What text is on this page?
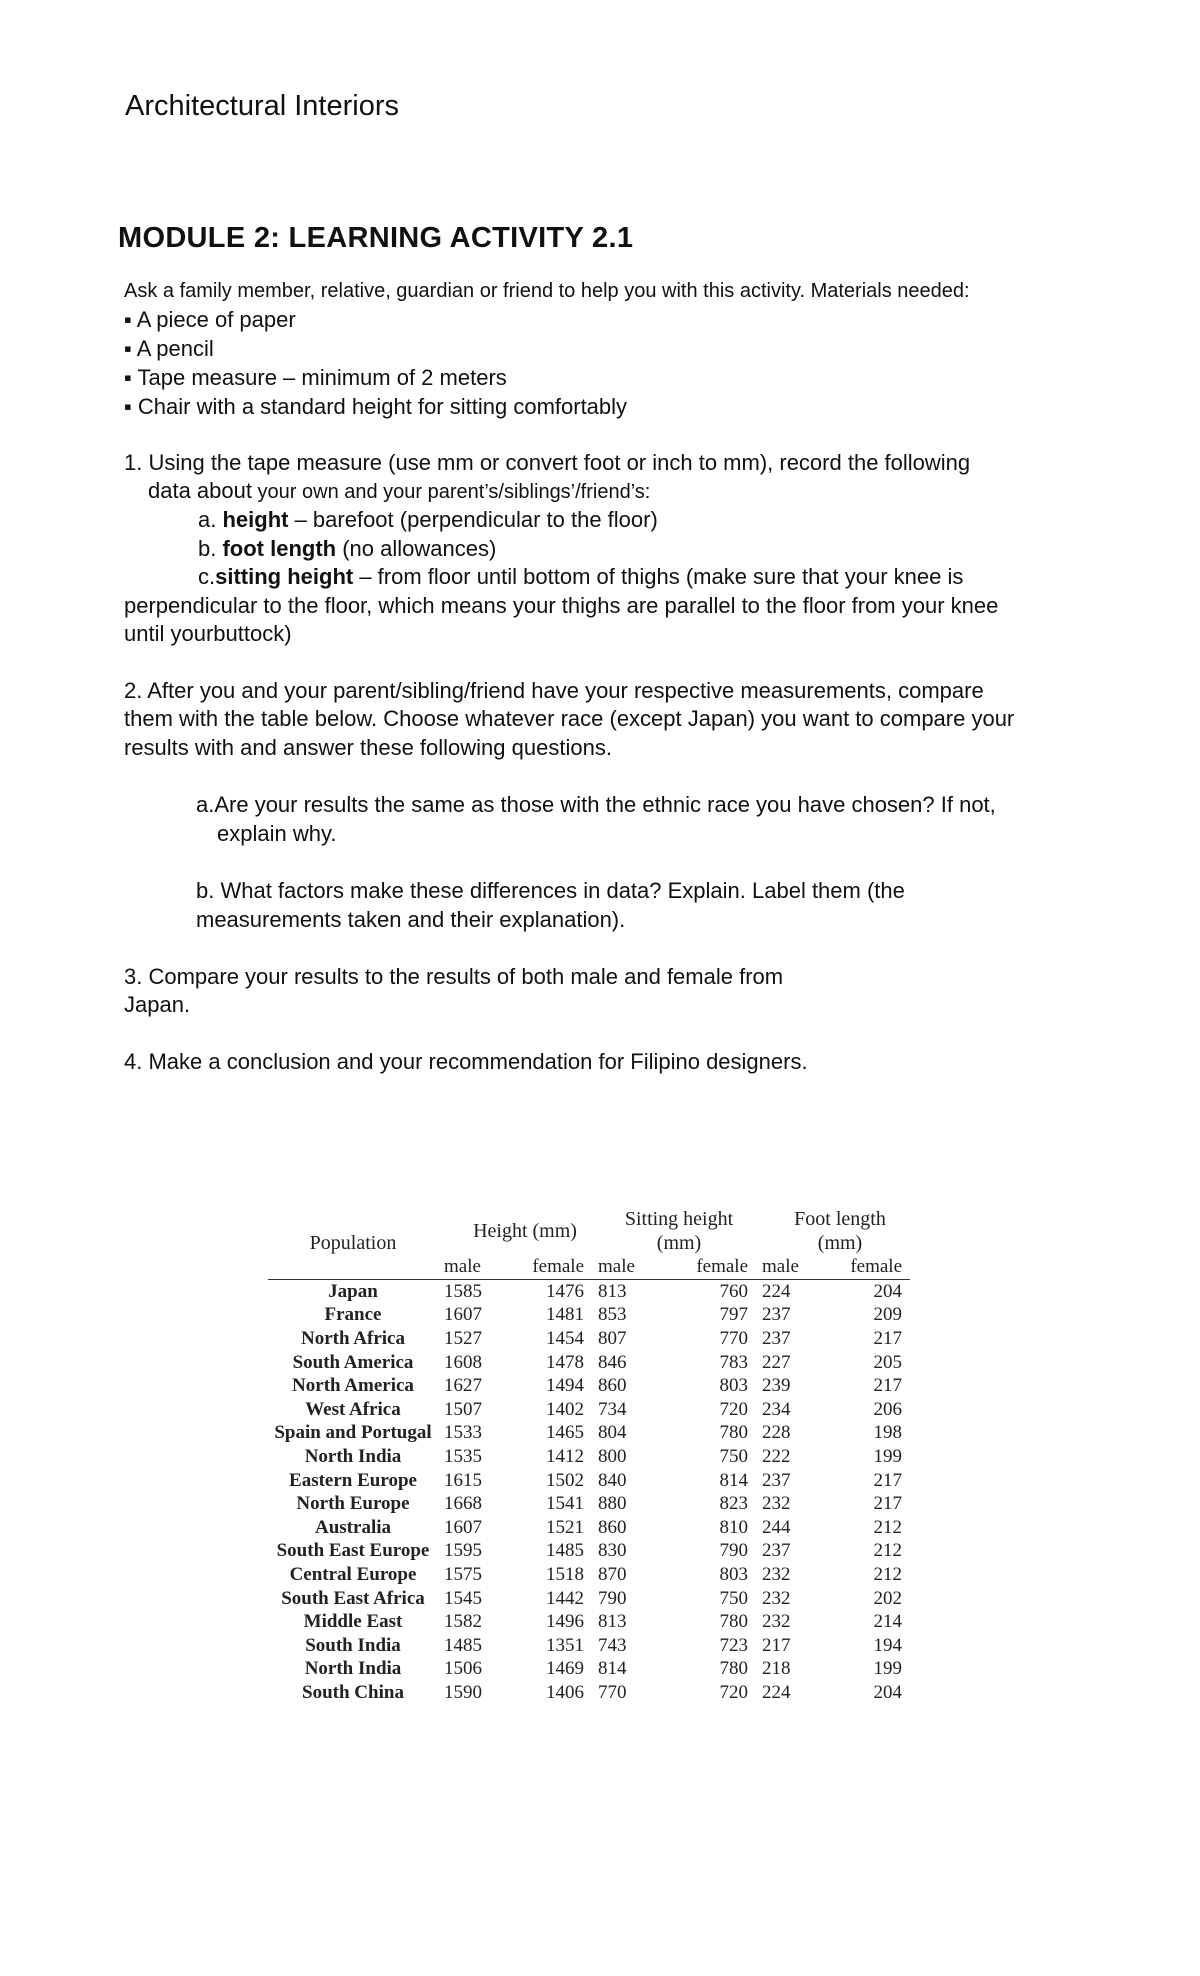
Architectural Interiors
MODULE 2: LEARNING ACTIVITY 2.1
Ask a family member, relative, guardian or friend to help you with this activity. Materials needed:
▪ A piece of paper
▪ A pencil
▪ Tape measure – minimum of 2 meters
▪ Chair with a standard height for sitting comfortably
1. Using the tape measure (use mm or convert foot or inch to mm), record the following
data about your own and your parent’s/siblings’/friend’s:
a. height – barefoot (perpendicular to the floor)
b. foot length (no allowances)
c.sitting height – from floor until bottom of thighs (make sure that your knee is
perpendicular to the floor, which means your thighs are parallel to the floor from your knee
until yourbuttock)
2. After you and your parent/sibling/friend have your respective measurements, compare
them with the table below. Choose whatever race (except Japan) you want to compare your
results with and answer these following questions.
a.Are your results the same as those with the ethnic race you have chosen? If not,
explain why.
b. What factors make these differences in data? Explain. Label them (the
measurements taken and their explanation).
3. Compare your results to the results of both male and female from
Japan.
4. Make a conclusion and your recommendation for Filipino designers.
Population	Height (mm)		Sitting height (mm)		Foot length (mm)	
	male	female	male	female	male	female
Japan	1585	1476	813	760	224	204
France	1607	1481	853	797	237	209
North Africa	1527	1454	807	770	237	217
South America	1608	1478	846	783	227	205
North America	1627	1494	860	803	239	217
West Africa	1507	1402	734	720	234	206
Spain and Portugal	1533	1465	804	780	228	198
North India	1535	1412	800	750	222	199
Eastern Europe	1615	1502	840	814	237	217
North Europe	1668	1541	880	823	232	217
Australia	1607	1521	860	810	244	212
South East Europe	1595	1485	830	790	237	212
Central Europe	1575	1518	870	803	232	212
South East Africa	1545	1442	790	750	232	202
Middle East	1582	1496	813	780	232	214
South India	1485	1351	743	723	217	194
North India	1506	1469	814	780	218	199
South China	1590	1406	770	720	224	204
